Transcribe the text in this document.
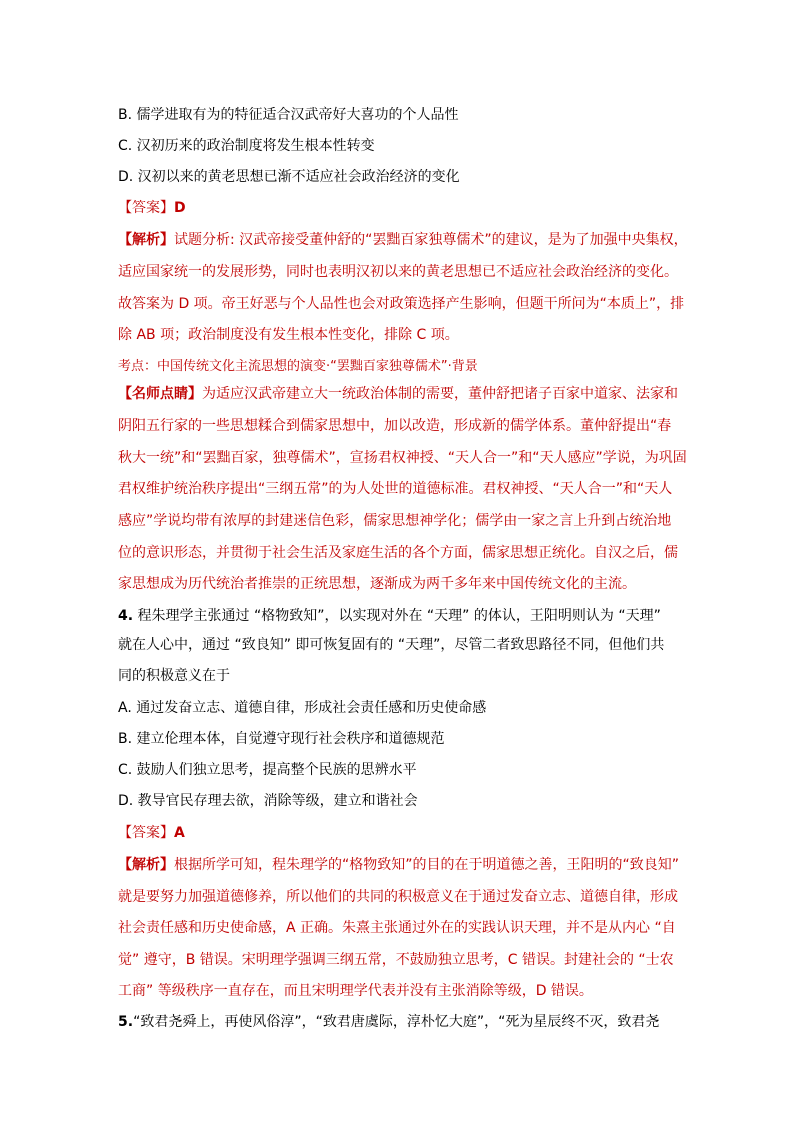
B. 儒学进取有为的特征适合汉武帝好大喜功的个人品性
C. 汉初历来的政治制度将发生根本性转变
D. 汉初以来的黄老思想已渐不适应社会政治经济的变化
【答案】D
【解析】试题分析: 汉武帝接受董仲舒的“罢黜百家独尊儒术”的建议，是为了加强中央集权，
适应国家统一的发展形势，同时也表明汉初以来的黄老思想已不适应社会政治经济的变化。
故答案为 D 项。帝王好恶与个人品性也会对政策选择产生影响，但题干所问为“本质上”，排
除 AB 项；政治制度没有发生根本性变化，排除 C 项。
考点：中国传统文化主流思想的演变·“罢黜百家独尊儒术”·背景
【名师点睛】为适应汉武帝建立大一统政治体制的需要，董仲舒把诸子百家中道家、法家和
阴阳五行家的一些思想糅合到儒家思想中，加以改造，形成新的儒学体系。董仲舒提出“春
秋大一统”和“罢黜百家，独尊儒术”，宣扬君权神授、“天人合一”和“天人感应”学说，为巩固
君权维护统治秩序提出“三纲五常”的为人处世的道德标准。君权神授、“天人合一”和“天人
感应”学说均带有浓厚的封建迷信色彩，儒家思想神学化；儒学由一家之言上升到占统治地
位的意识形态，并贯彻于社会生活及家庭生活的各个方面，儒家思想正统化。自汉之后，儒
家思想成为历代统治者推崇的正统思想，逐渐成为两千多年来中国传统文化的主流。
4. 程朱理学主张通过 “格物致知”，以实现对外在 “天理” 的体认，王阳明则认为 “天理”
就在人心中，通过 “致良知” 即可恢复固有的 “天理”，尽管二者致思路径不同，但他们共
同的积极意义在于
A. 通过发奋立志、道德自律，形成社会责任感和历史使命感
B. 建立伦理本体，自觉遵守现行社会秩序和道德规范
C. 鼓励人们独立思考，提高整个民族的思辨水平
D. 教导官民存理去欲，消除等级，建立和谐社会
【答案】A
【解析】根据所学可知，程朱理学的“格物致知”的目的在于明道德之善，王阳明的“致良知”
就是要努力加强道德修养，所以他们的共同的积极意义在于通过发奋立志、道德自律，形成
社会责任感和历史使命感，A 正确。朱熹主张通过外在的实践认识天理，并不是从内心 “自
觉” 遵守，B 错误。宋明理学强调三纲五常，不鼓励独立思考，C 错误。封建社会的 “士农
工商” 等级秩序一直存在，而且宋明理学代表并没有主张消除等级，D 错误。
5.“致君尧舜上，再使风俗淳”，“致君唐虞际，淳朴忆大庭”，“死为星辰终不灭，致君尧
